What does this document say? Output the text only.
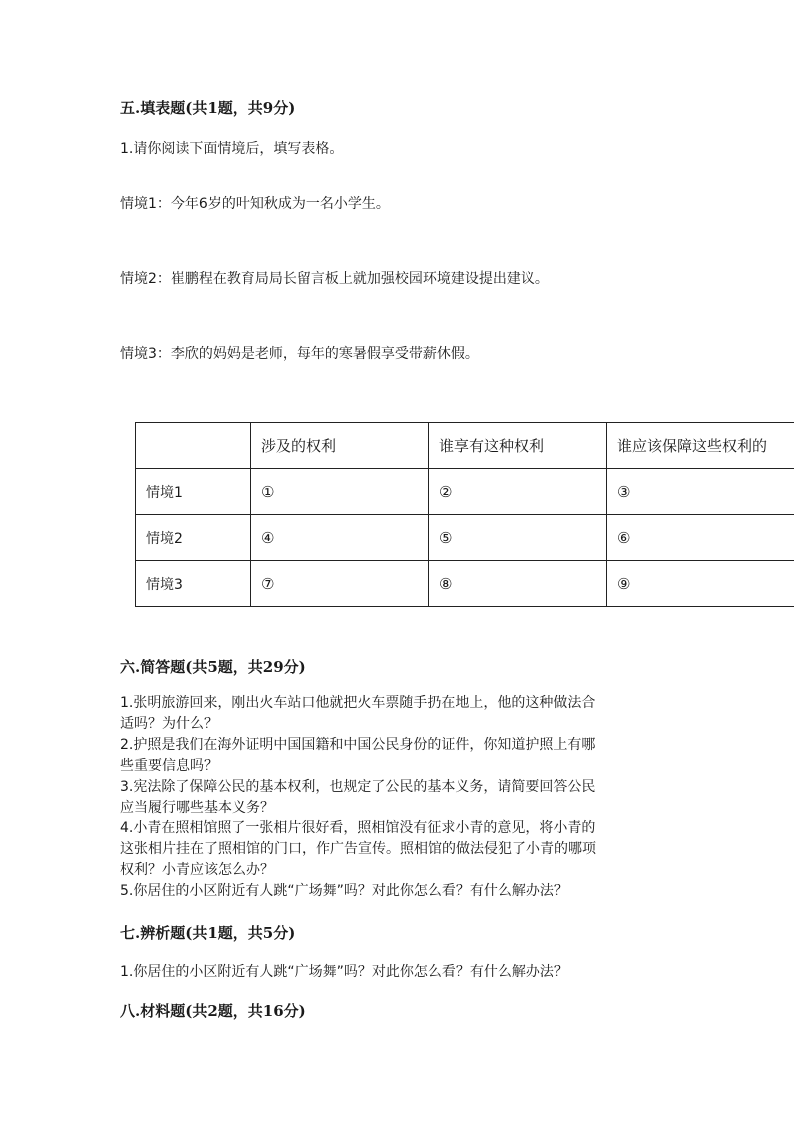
五.填表题(共1题，共9分)
1.请你阅读下面情境后，填写表格。
情境1：今年6岁的叶知秋成为一名小学生。
情境2：崔鹏程在教育局局长留言板上就加强校园环境建设提出建议。
情境3：李欣的妈妈是老师，每年的寒暑假享受带薪休假。
	涉及的权利	谁享有这种权利	谁应该保障这些权利的
情境1	①	②	③
情境2	④	⑤	⑥
情境3	⑦	⑧	⑨
六.简答题(共5题，共29分)
1.张明旅游回来，刚出火车站口他就把火车票随手扔在地上，他的这种做法合
适吗？为什么？
2.护照是我们在海外证明中国国籍和中国公民身份的证件，你知道护照上有哪
些重要信息吗？
3.宪法除了保障公民的基本权利，也规定了公民的基本义务，请简要回答公民
应当履行哪些基本义务？
4.小青在照相馆照了一张相片很好看，照相馆没有征求小青的意见，将小青的
这张相片挂在了照相馆的门口，作广告宣传。照相馆的做法侵犯了小青的哪项
权利？小青应该怎么办？
5.你居住的小区附近有人跳“广场舞”吗？对此你怎么看？有什么解办法？
七.辨析题(共1题，共5分)
1.你居住的小区附近有人跳“广场舞”吗？对此你怎么看？有什么解办法？
八.材料题(共2题，共16分)
